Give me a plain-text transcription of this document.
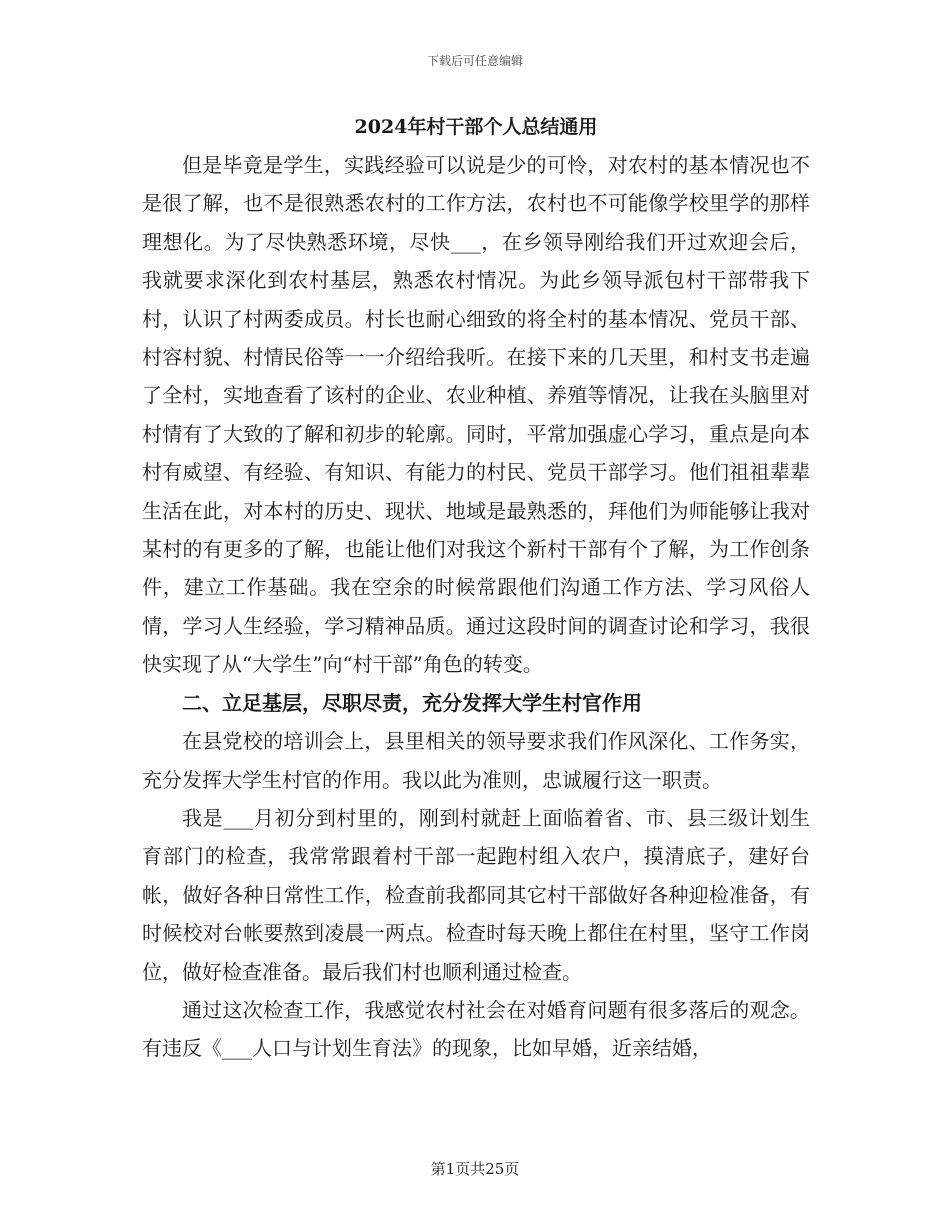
下载后可任意编辑
2024年村干部个人总结通用

但是毕竟是学生，实践经验可以说是少的可怜，对农村的基本情况也不是很了解，也不是很熟悉农村的工作方法，农村也不可能像学校里学的那样理想化。为了尽快熟悉环境，尽快___，在乡领导刚给我们开过欢迎会后，我就要求深化到农村基层，熟悉农村情况。为此乡领导派包村干部带我下村，认识了村两委成员。村长也耐心细致的将全村的基本情况、党员干部、村容村貌、村情民俗等一一介绍给我听。在接下来的几天里，和村支书走遍了全村，实地查看了该村的企业、农业种植、养殖等情况，让我在头脑里对村情有了大致的了解和初步的轮廓。同时，平常加强虚心学习，重点是向本村有威望、有经验、有知识、有能力的村民、党员干部学习。他们祖祖辈辈生活在此，对本村的历史、现状、地域是最熟悉的，拜他们为师能够让我对某村的有更多的了解，也能让他们对我这个新村干部有个了解，为工作创条件，建立工作基础。我在空余的时候常跟他们沟通工作方法、学习风俗人情，学习人生经验，学习精神品质。通过这段时间的调查讨论和学习，我很快实现了从“大学生”向“村干部”角色的转变。

二、立足基层，尽职尽责，充分发挥大学生村官作用

在县党校的培训会上，县里相关的领导要求我们作风深化、工作务实，充分发挥大学生村官的作用。我以此为准则，忠诚履行这一职责。

我是___月初分到村里的，刚到村就赶上面临着省、市、县三级计划生育部门的检查，我常常跟着村干部一起跑村组入农户，摸清底子，建好台帐，做好各种日常性工作，检查前我都同其它村干部做好各种迎检准备，有时候校对台帐要熬到凌晨一两点。检查时每天晚上都住在村里，坚守工作岗位，做好检查准备。最后我们村也顺利通过检查。

通过这次检查工作，我感觉农村社会在对婚育问题有很多落后的观念。有违反《___人口与计划生育法》的现象，比如早婚，近亲结婚，

第1页共25页
